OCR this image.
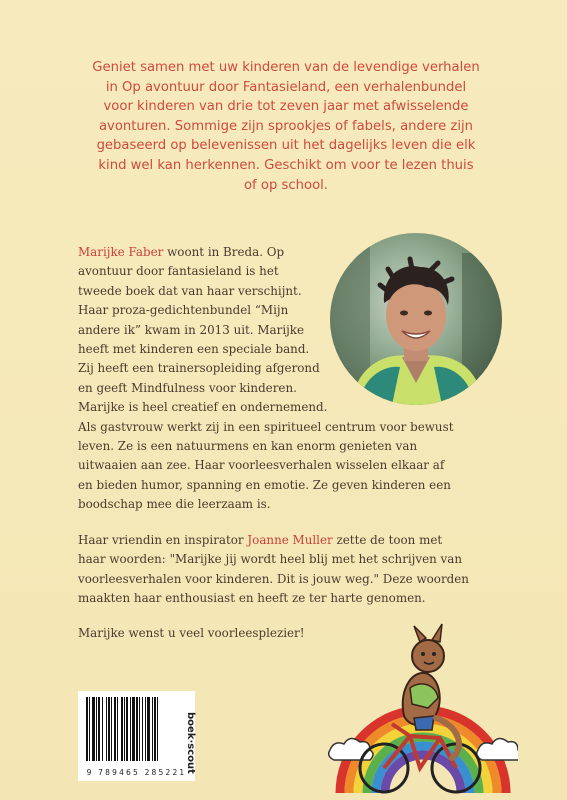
Geniet samen met uw kinderen van de levendige verhalen
in Op avontuur door Fantasieland, een verhalenbundel
voor kinderen van drie tot zeven jaar met afwisselende
avonturen. Sommige zijn sprookjes of fabels, andere zijn
gebaseerd op belevenissen uit het dagelijks leven die elk
kind wel kan herkennen. Geschikt om voor te lezen thuis
of op school.
Marijke Faber woont in Breda. Op
avontuur door fantasieland is het
tweede boek dat van haar verschijnt.
Haar proza-gedichtenbundel “Mijn
andere ik” kwam in 2013 uit. Marijke
heeft met kinderen een speciale band.
Zij heeft een trainersopleiding afgerond
en geeft Mindfulness voor kinderen.
Marijke is heel creatief en ondernemend.
Als gastvrouw werkt zij in een spiritueel centrum voor bewust
leven. Ze is een natuurmens en kan enorm genieten van
uitwaaien aan zee. Haar voorleesverhalen wisselen elkaar af
en bieden humor, spanning en emotie. Ze geven kinderen een
boodschap mee die leerzaam is.
Haar vriendin en inspirator Joanne Muller zette de toon met
haar woorden: "Marijke jij wordt heel blij met het schrijven van
voorleesverhalen voor kinderen. Dit is jouw weg." Deze woorden
maakten haar enthousiast en heeft ze ter harte genomen.
Marijke wenst u veel voorleesplezier!
9 789465 285221
boek·scout
